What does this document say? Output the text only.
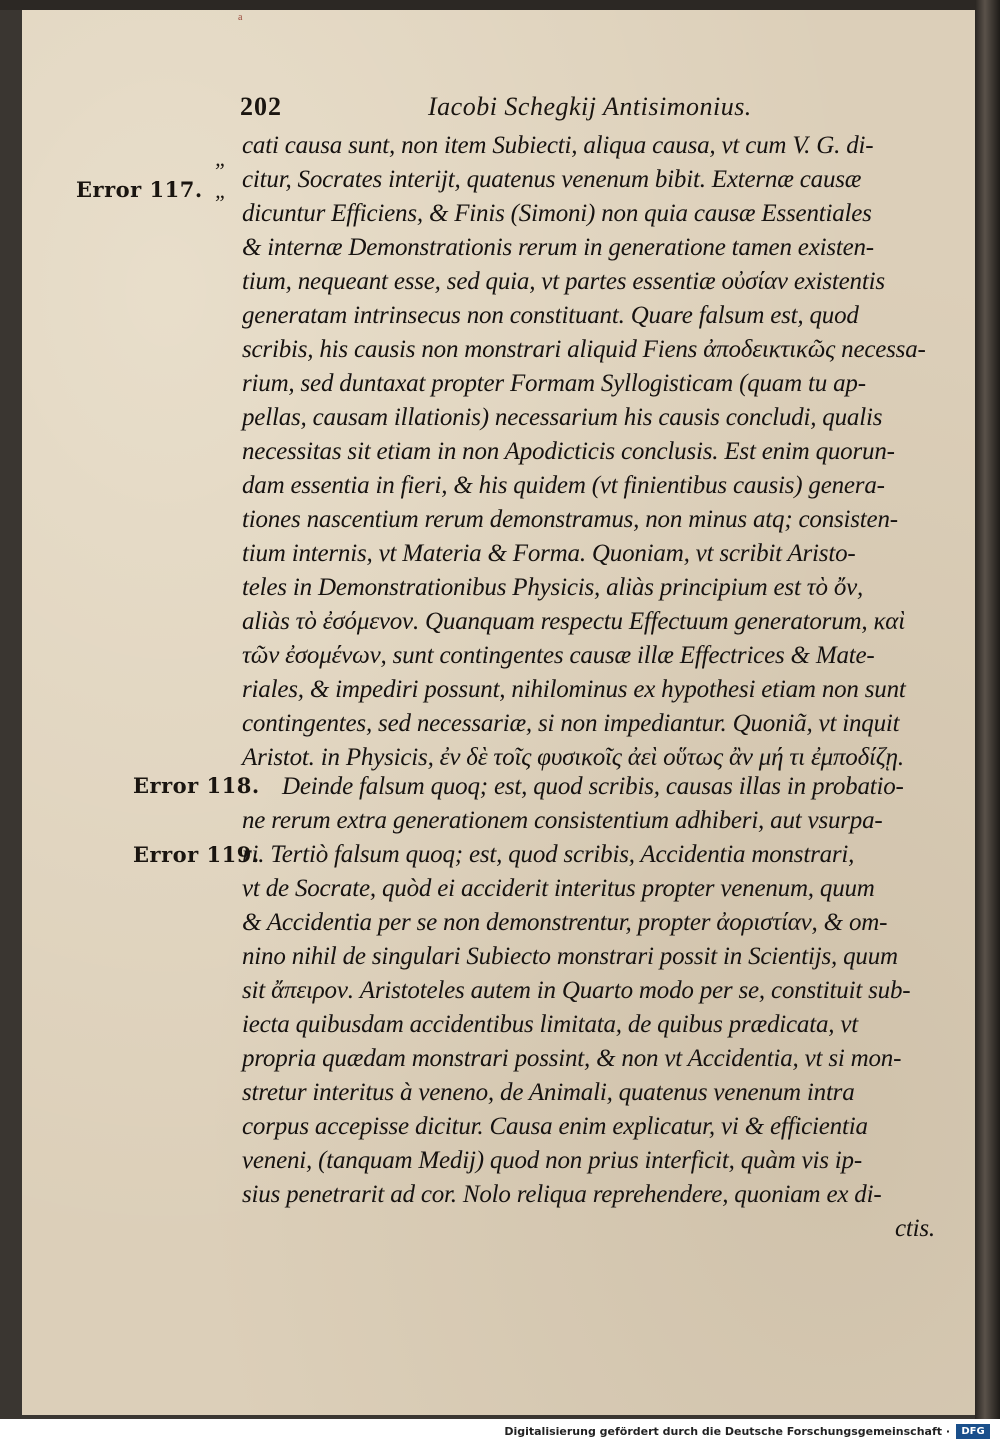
a
202	Iacobi Schegkij Antisimonius.
„
„
Error 117.
Error 118.
Error 119.
cati causa sunt, non item Subiecti, aliqua causa, vt cum V. G. di-
citur, Socrates interijt, quatenus venenum bibit. Externæ causæ
dicuntur Efficiens, & Finis (Simoni) non quia causæ Essentiales
& internæ Demonstrationis rerum in generatione tamen existen-
tium, nequeant esse, sed quia, vt partes essentiæ οὐσίαν existentis
generatam intrinsecus non constituant. Quare falsum est, quod
scribis, his causis non monstrari aliquid Fiens ἀποδεικτικῶς necessa-
rium, sed duntaxat propter Formam Syllogisticam (quam tu ap-
pellas, causam illationis) necessarium his causis concludi, qualis
necessitas sit etiam in non Apodicticis conclusis. Est enim quorun-
dam essentia in fieri, & his quidem (vt finientibus causis) genera-
tiones nascentium rerum demonstramus, non minus atq; consisten-
tium internis, vt Materia & Forma. Quoniam, vt scribit Aristo-
teles in Demonstrationibus Physicis, aliàs principium est τὸ ὄν,
aliàs τὸ ἐσόμενον. Quanquam respectu Effectuum generatorum, καὶ
τῶν ἐσομένων, sunt contingentes causæ illæ Effectrices & Mate-
riales, & impediri possunt, nihilominus ex hypothesi etiam non sunt
contingentes, sed necessariæ, si non impediantur. Quoniã, vt inquit
Aristot. in Physicis, ἐν δὲ τοῖς φυσικοῖς ἀεὶ οὕτως ἂν μή τι ἐμποδίζῃ.
Deinde falsum quoq; est, quod scribis, causas illas in probatio-
ne rerum extra generationem consistentium adhiberi, aut vsurpa-
ri. Tertiò falsum quoq; est, quod scribis, Accidentia monstrari,
vt de Socrate, quòd ei acciderit interitus propter venenum, quum
& Accidentia per se non demonstrentur, propter ἀοριστίαν, & om-
nino nihil de singulari Subiecto monstrari possit in Scientijs, quum
sit ἄπειρον. Aristoteles autem in Quarto modo per se, constituit sub-
iecta quibusdam accidentibus limitata, de quibus prædicata, vt
propria quædam monstrari possint, & non vt Accidentia, vt si mon-
stretur interitus à veneno, de Animali, quatenus venenum intra
corpus accepisse dicitur. Causa enim explicatur, vi & efficientia
veneni, (tanquam Medij) quod non prius interficit, quàm vis ip-
sius penetrarit ad cor. Nolo reliqua reprehendere, quoniam ex di-
ctis.
Digitalisierung gefördert durch die Deutsche Forschungsgemeinschaft ·	DFG
